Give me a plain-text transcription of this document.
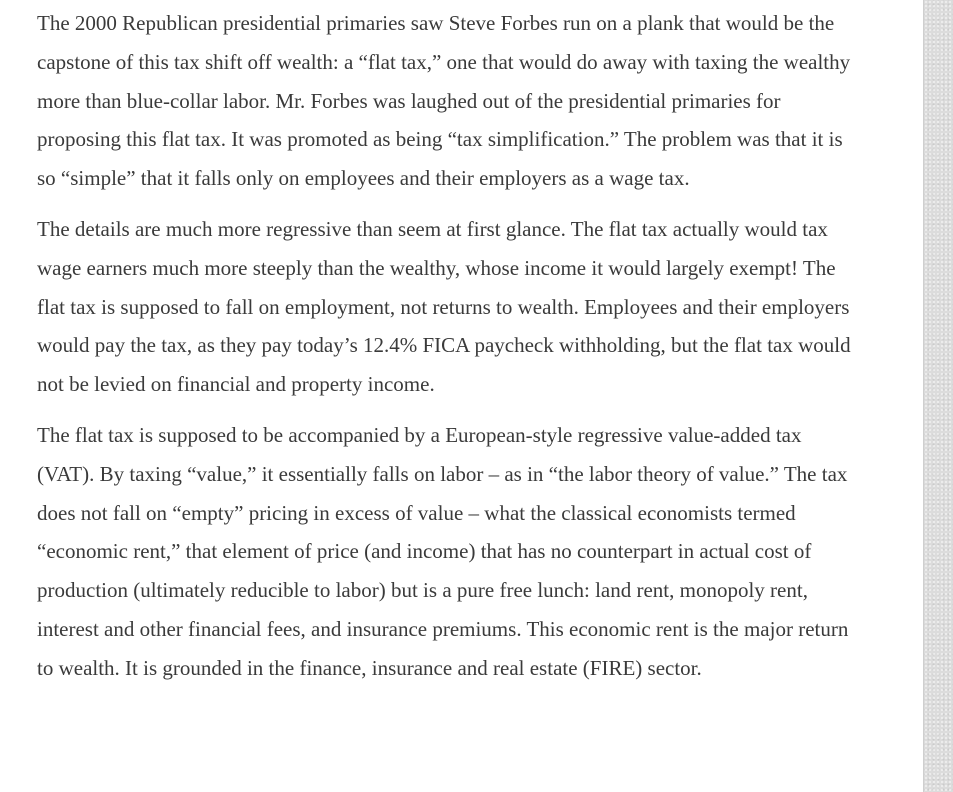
The 2000 Republican presidential primaries saw Steve Forbes run on a plank that would be the capstone of this tax shift off wealth: a “flat tax,” one that would do away with taxing the wealthy more than blue-collar labor. Mr. Forbes was laughed out of the presidential primaries for proposing this flat tax. It was promoted as being “tax simplification.” The problem was that it is so “simple” that it falls only on employees and their employers as a wage tax.

The details are much more regressive than seem at first glance. The flat tax actually would tax wage earners much more steeply than the wealthy, whose income it would largely exempt! The flat tax is supposed to fall on employment, not returns to wealth. Employees and their employers would pay the tax, as they pay today’s 12.4% FICA paycheck withholding, but the flat tax would not be levied on financial and property income.

The flat tax is supposed to be accompanied by a European-style regressive value-added tax (VAT). By taxing “value,” it essentially falls on labor – as in “the labor theory of value.” The tax does not fall on “empty” pricing in excess of value – what the classical economists termed “economic rent,” that element of price (and income) that has no counterpart in actual cost of production (ultimately reducible to labor) but is a pure free lunch: land rent, monopoly rent, interest and other financial fees, and insurance premiums. This economic rent is the major return to wealth. It is grounded in the finance, insurance and real estate (FIRE) sector.
